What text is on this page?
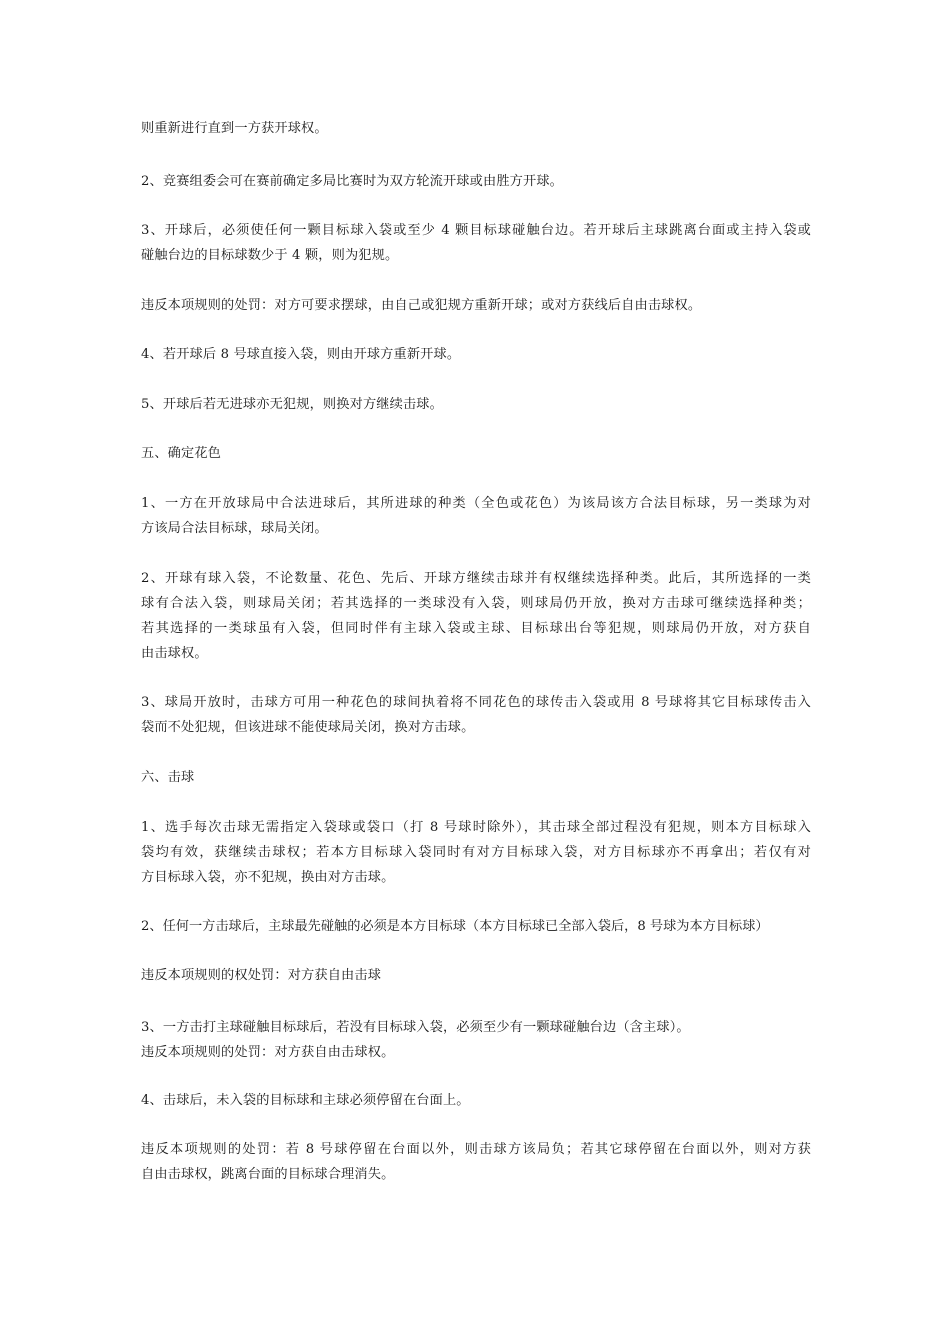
则重新进行直到一方获开球权。
2、竞赛组委会可在赛前确定多局比赛时为双方轮流开球或由胜方开球。
3、开球后，必须使任何一颗目标球入袋或至少 4 颗目标球碰触台边。若开球后主球跳离台面或主持入袋或
碰触台边的目标球数少于 4 颗，则为犯规。
违反本项规则的处罚：对方可要求摆球，由自己或犯规方重新开球；或对方获线后自由击球权。
4、若开球后 8 号球直接入袋，则由开球方重新开球。
5、开球后若无进球亦无犯规，则换对方继续击球。
五、确定花色
1、一方在开放球局中合法进球后，其所进球的种类（全色或花色）为该局该方合法目标球，另一类球为对
方该局合法目标球，球局关闭。
2、开球有球入袋，不论数量、花色、先后、开球方继续击球并有权继续选择种类。此后，其所选择的一类
球有合法入袋，则球局关闭；若其选择的一类球没有入袋，则球局仍开放，换对方击球可继续选择种类；
若其选择的一类球虽有入袋，但同时伴有主球入袋或主球、目标球出台等犯规，则球局仍开放，对方获自
由击球权。
3、球局开放时，击球方可用一种花色的球间执着将不同花色的球传击入袋或用 8 号球将其它目标球传击入
袋而不处犯规，但该进球不能使球局关闭，换对方击球。
六、击球
1、选手每次击球无需指定入袋球或袋口（打 8 号球时除外），其击球全部过程没有犯规，则本方目标球入
袋均有效，获继续击球权；若本方目标球入袋同时有对方目标球入袋，对方目标球亦不再拿出；若仅有对
方目标球入袋，亦不犯规，换由对方击球。
2、任何一方击球后，主球最先碰触的必须是本方目标球（本方目标球已全部入袋后，8 号球为本方目标球）
违反本项规则的权处罚：对方获自由击球
3、一方击打主球碰触目标球后，若没有目标球入袋，必须至少有一颗球碰触台边（含主球）。
违反本项规则的处罚：对方获自由击球权。
4、击球后，未入袋的目标球和主球必须停留在台面上。
违反本项规则的处罚：若 8 号球停留在台面以外，则击球方该局负；若其它球停留在台面以外，则对方获
自由击球权，跳离台面的目标球合理消失。
